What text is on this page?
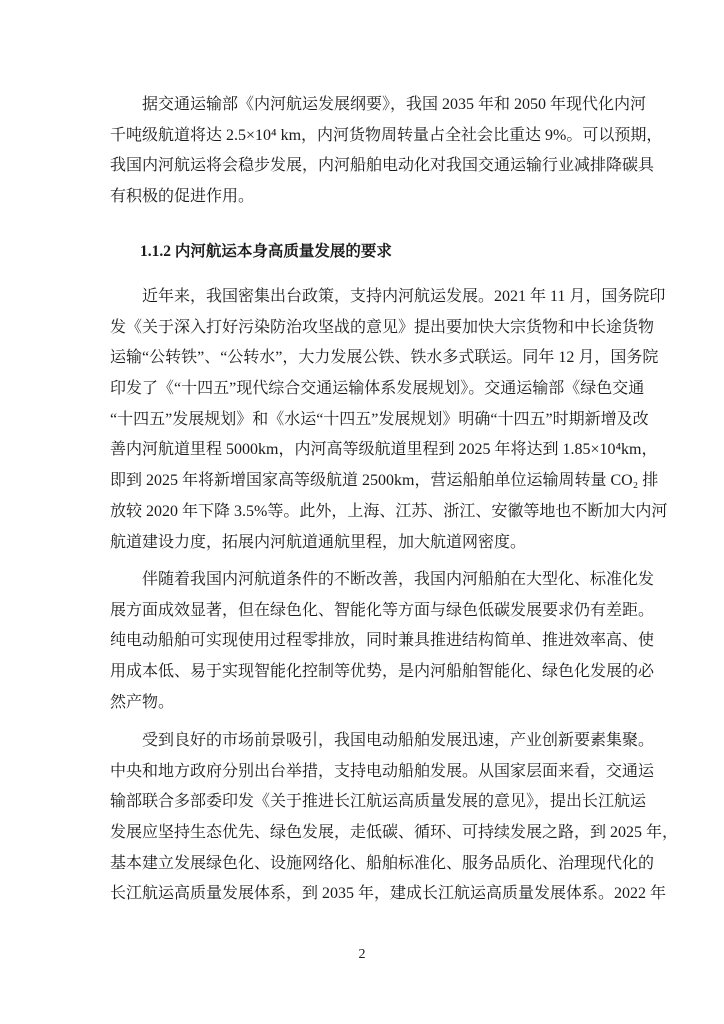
据交通运输部《内河航运发展纲要》，我国 2035 年和 2050 年现代化内河
千吨级航道将达 2.5×10⁴ km，内河货物周转量占全社会比重达 9%。可以预期，
我国内河航运将会稳步发展，内河船舶电动化对我国交通运输行业减排降碳具
有积极的促进作用。
1.1.2 内河航运本身高质量发展的要求
近年来，我国密集出台政策，支持内河航运发展。2021 年 11 月，国务院印
发《关于深入打好污染防治攻坚战的意见》提出要加快大宗货物和中长途货物
运输“公转铁”、“公转水”，大力发展公铁、铁水多式联运。同年 12 月，国务院
印发了《“十四五”现代综合交通运输体系发展规划》。交通运输部《绿色交通
“十四五”发展规划》和《水运“十四五”发展规划》明确“十四五”时期新增及改
善内河航道里程 5000km，内河高等级航道里程到 2025 年将达到 1.85×10⁴km，
即到 2025 年将新增国家高等级航道 2500km，营运船舶单位运输周转量 CO₂ 排
放较 2020 年下降 3.5%等。此外，上海、江苏、浙江、安徽等地也不断加大内河
航道建设力度，拓展内河航道通航里程，加大航道网密度。
伴随着我国内河航道条件的不断改善，我国内河船舶在大型化、标准化发
展方面成效显著，但在绿色化、智能化等方面与绿色低碳发展要求仍有差距。
纯电动船舶可实现使用过程零排放，同时兼具推进结构简单、推进效率高、使
用成本低、易于实现智能化控制等优势，是内河船舶智能化、绿色化发展的必
然产物。
受到良好的市场前景吸引，我国电动船舶发展迅速，产业创新要素集聚。
中央和地方政府分别出台举措，支持电动船舶发展。从国家层面来看，交通运
输部联合多部委印发《关于推进长江航运高质量发展的意见》，提出长江航运
发展应坚持生态优先、绿色发展，走低碳、循环、可持续发展之路，到 2025 年，
基本建立发展绿色化、设施网络化、船舶标准化、服务品质化、治理现代化的
长江航运高质量发展体系，到 2035 年，建成长江航运高质量发展体系。2022 年
2
